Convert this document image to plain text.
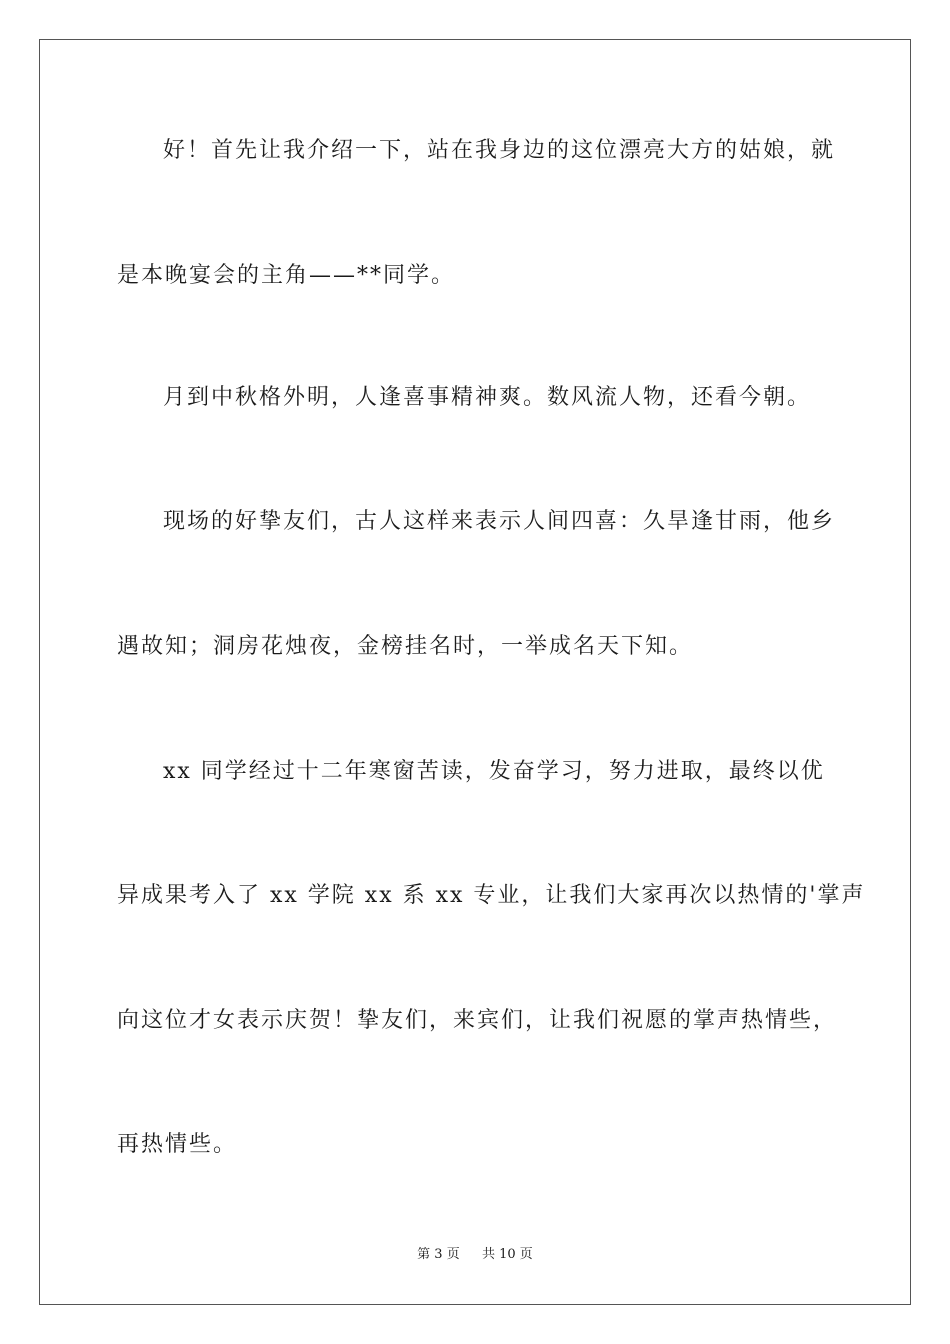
好！首先让我介绍一下，站在我身边的这位漂亮大方的姑娘，就
是本晚宴会的主角——**同学。
月到中秋格外明，人逢喜事精神爽。数风流人物，还看今朝。
现场的好挚友们，古人这样来表示人间四喜：久旱逢甘雨，他乡
遇故知；洞房花烛夜，金榜挂名时，一举成名天下知。
xx 同学经过十二年寒窗苦读，发奋学习，努力进取，最终以优
异成果考入了 xx 学院 xx 系 xx 专业，让我们大家再次以热情的'掌声
向这位才女表示庆贺！挚友们，来宾们，让我们祝愿的掌声热情些，
再热情些。
第 3 页 共 10 页
